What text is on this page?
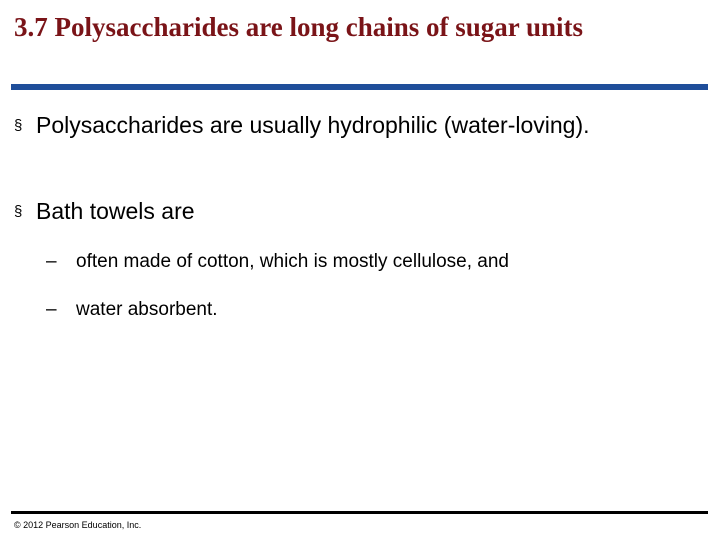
3.7 Polysaccharides are long chains of sugar units
§ Polysaccharides are usually hydrophilic (water-loving).
§ Bath towels are
– often made of cotton, which is mostly cellulose, and
– water absorbent.
© 2012 Pearson Education, Inc.
